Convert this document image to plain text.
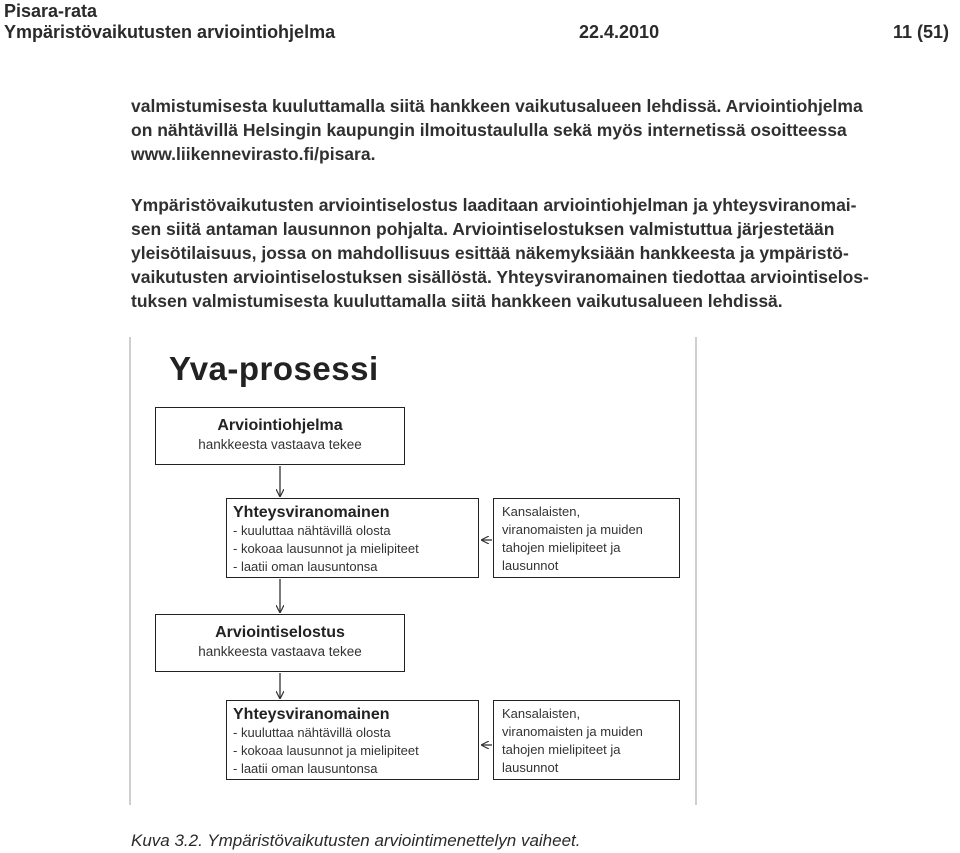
Pisara-rata
Ympäristövaikutusten arviointiohjelma	22.4.2010	11 (51)

valmistumisesta kuuluttamalla siitä hankkeen vaikutusalueen lehdissä. Arviointiohjelma
on nähtävillä Helsingin kaupungin ilmoitustaululla sekä myös internetissä osoitteessa
www.liikennevirasto.fi/pisara.

Ympäristövaikutusten arviointiselostus laaditaan arviointiohjelman ja yhteysviranomai-
sen siitä antaman lausunnon pohjalta. Arviointiselostuksen valmistuttua järjestetään
yleisötilaisuus, jossa on mahdollisuus esittää näkemyksiään hankkeesta ja ympäristö-
vaikutusten arviointiselostuksen sisällöstä. Yhteysviranomainen tiedottaa arviointiselos-
tuksen valmistumisesta kuuluttamalla siitä hankkeen vaikutusalueen lehdissä.

Yva-prosessi
Arviointiohjelma
hankkeesta vastaava tekee
Yhteysviranomainen
- kuuluttaa nähtävillä olosta
- kokoaa lausunnot ja mielipiteet
- laatii oman lausuntonsa
Kansalaisten,
viranomaisten ja muiden
tahojen mielipiteet ja
lausunnot
Arviointiselostus
hankkeesta vastaava tekee
Yhteysviranomainen
- kuuluttaa nähtävillä olosta
- kokoaa lausunnot ja mielipiteet
- laatii oman lausuntonsa
Kansalaisten,
viranomaisten ja muiden
tahojen mielipiteet ja
lausunnot
Kuva 3.2. Ympäristövaikutusten arviointimenettelyn vaiheet.
